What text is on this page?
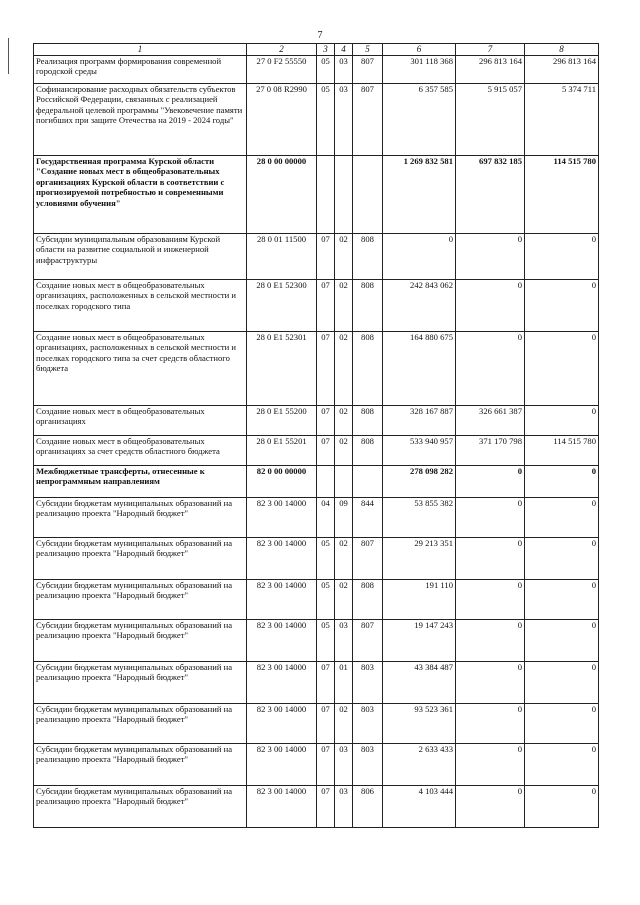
7
1	2	3	4	5	6	7	8
Реализация программ формирования современной городской среды	27 0 F2 55550	05	03	807	301 118 368	296 813 164	296 813 164
Софинансирование расходных обязательств субъектов Российской Федерации, связанных с реализацией федеральной целевой программы "Увековечение памяти погибших при защите Отечества на 2019 - 2024 годы"	27 0 08 R2990	05	03	807	6 357 585	5 915 057	5 374 711
Государственная программа Курской области "Создание новых мест в общеобразовательных организациях Курской области в соответствии с прогнозируемой потребностью и современными условиями обучения"	28 0 00 00000				1 269 832 581	697 832 185	114 515 780
Субсидии муниципальным образованиям Курской области на развитие социальной и инженерной инфраструктуры	28 0 01 11500	07	02	808	0	0	0
Создание новых мест в общеобразовательных организациях, расположенных в сельской местности и поселках городского типа	28 0 E1 52300	07	02	808	242 843 062	0	0
Создание новых мест в общеобразовательных организациях, расположенных в сельской местности и поселках городского типа за счет средств областного бюджета	28 0 E1 52301	07	02	808	164 880 675	0	0
Создание новых мест в общеобразовательных организациях	28 0 E1 55200	07	02	808	328 167 887	326 661 387	0
Создание новых мест в общеобразовательных организациях за счет средств областного бюджета	28 0 E1 55201	07	02	808	533 940 957	371 170 798	114 515 780
Межбюджетные трансферты, отнесенные к непрограммным направлениям	82 0 00 00000				278 098 282	0	0
Субсидии бюджетам муниципальных образований на реализацию проекта "Народный бюджет"	82 3 00 14000	04	09	844	53 855 382	0	0
Субсидии бюджетам муниципальных образований на реализацию проекта "Народный бюджет"	82 3 00 14000	05	02	807	29 213 351	0	0
Субсидии бюджетам муниципальных образований на реализацию проекта "Народный бюджет"	82 3 00 14000	05	02	808	191 110	0	0
Субсидии бюджетам муниципальных образований на реализацию проекта "Народный бюджет"	82 3 00 14000	05	03	807	19 147 243	0	0
Субсидии бюджетам муниципальных образований на реализацию проекта "Народный бюджет"	82 3 00 14000	07	01	803	43 384 487	0	0
Субсидии бюджетам муниципальных образований на реализацию проекта "Народный бюджет"	82 3 00 14000	07	02	803	93 523 361	0	0
Субсидии бюджетам муниципальных образований на реализацию проекта "Народный бюджет"	82 3 00 14000	07	03	803	2 633 433	0	0
Субсидии бюджетам муниципальных образований на реализацию проекта "Народный бюджет"	82 3 00 14000	07	03	806	4 103 444	0	0
